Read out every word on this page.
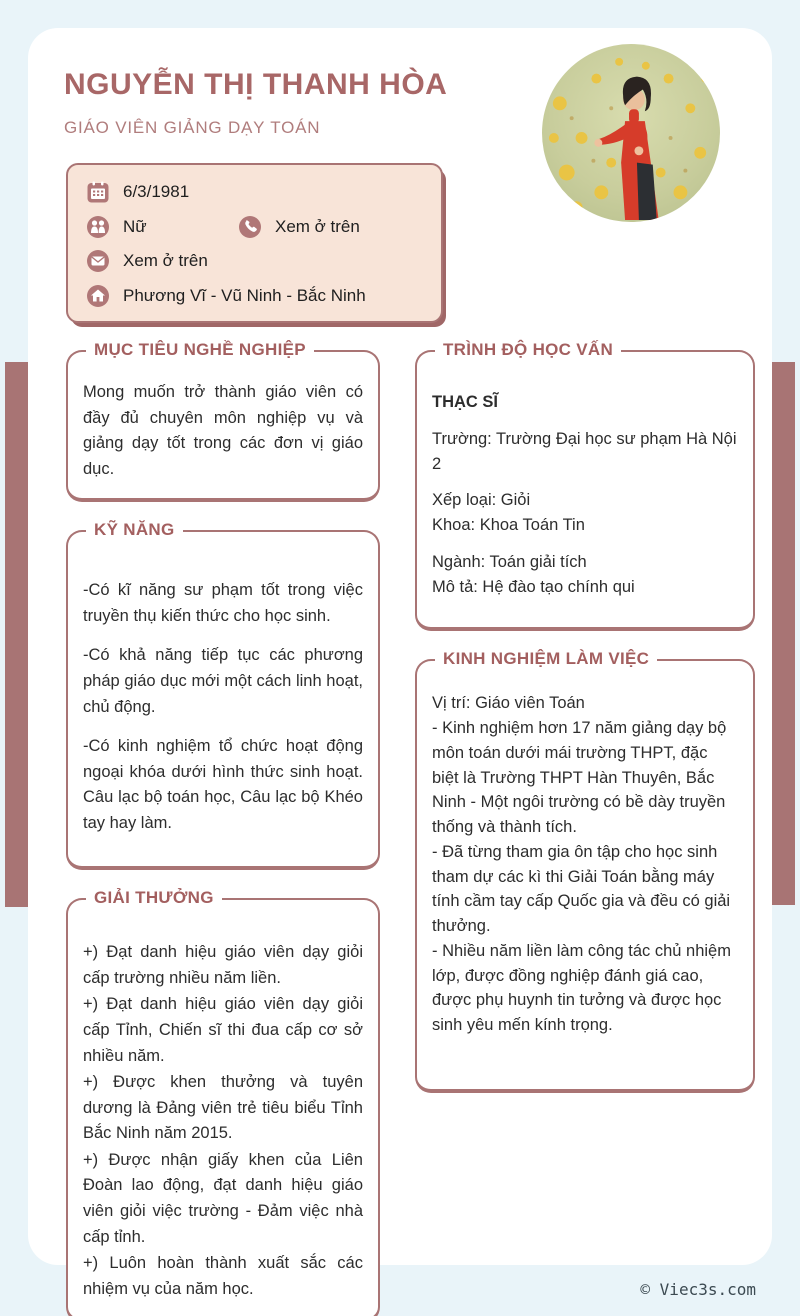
NGUYỄN THỊ THANH HÒA
GIÁO VIÊN GIẢNG DẠY TOÁN
6/3/1981
Nữ	Xem ở trên
Xem ở trên
Phương Vĩ - Vũ Ninh - Bắc Ninh
MỤC TIÊU NGHỀ NGHIỆP

Mong muốn trở thành giáo viên có đầy đủ chuyên môn nghiệp vụ và giảng dạy tốt trong các đơn vị giáo dục.

KỸ NĂNG

-Có kĩ năng sư phạm tốt trong việc truyền thụ kiến thức cho học sinh.

-Có khả năng tiếp tục các phương pháp giáo dục mới một cách linh hoạt, chủ động.

-Có kinh nghiệm tổ chức hoạt động ngoại khóa dưới hình thức sinh hoạt. Câu lạc bộ toán học, Câu lạc bộ Khéo tay hay làm.

GIẢI THƯỞNG

+) Đạt danh hiệu giáo viên dạy giỏi cấp trường nhiều năm liền.

+) Đạt danh hiệu giáo viên dạy giỏi cấp Tỉnh, Chiến sĩ thi đua cấp cơ sở nhiều năm.

+) Được khen thưởng và tuyên dương là Đảng viên trẻ tiêu biểu Tỉnh Bắc Ninh năm 2015.

+) Được nhận giấy khen của Liên Đoàn lao động, đạt danh hiệu giáo viên giỏi việc trường - Đảm việc nhà cấp tỉnh.

+) Luôn hoàn thành xuất sắc các nhiệm vụ của năm học.

TRÌNH ĐỘ HỌC VẤN

THẠC SĨ

Trường: Trường Đại học sư phạm Hà Nội 2

Xếp loại: Giỏi
Khoa: Khoa Toán Tin

Ngành: Toán giải tích
Mô tả: Hệ đào tạo chính qui

KINH NGHIỆM LÀM VIỆC

Vị trí: Giáo viên Toán

- Kinh nghiệm hơn 17 năm giảng dạy bộ môn toán dưới mái trường THPT, đặc biệt là Trường THPT Hàn Thuyên, Bắc Ninh - Một ngôi trường có bề dày truyền thống và thành tích.

- Đã từng tham gia ôn tập cho học sinh tham dự các kì thi Giải Toán bằng máy tính cầm tay cấp Quốc gia và đều có giải thưởng.

- Nhiều năm liền làm công tác chủ nhiệm lớp, được đồng nghiệp đánh giá cao, được phụ huynh tin tưởng và được học sinh yêu mến kính trọng.

© Viec3s.com
